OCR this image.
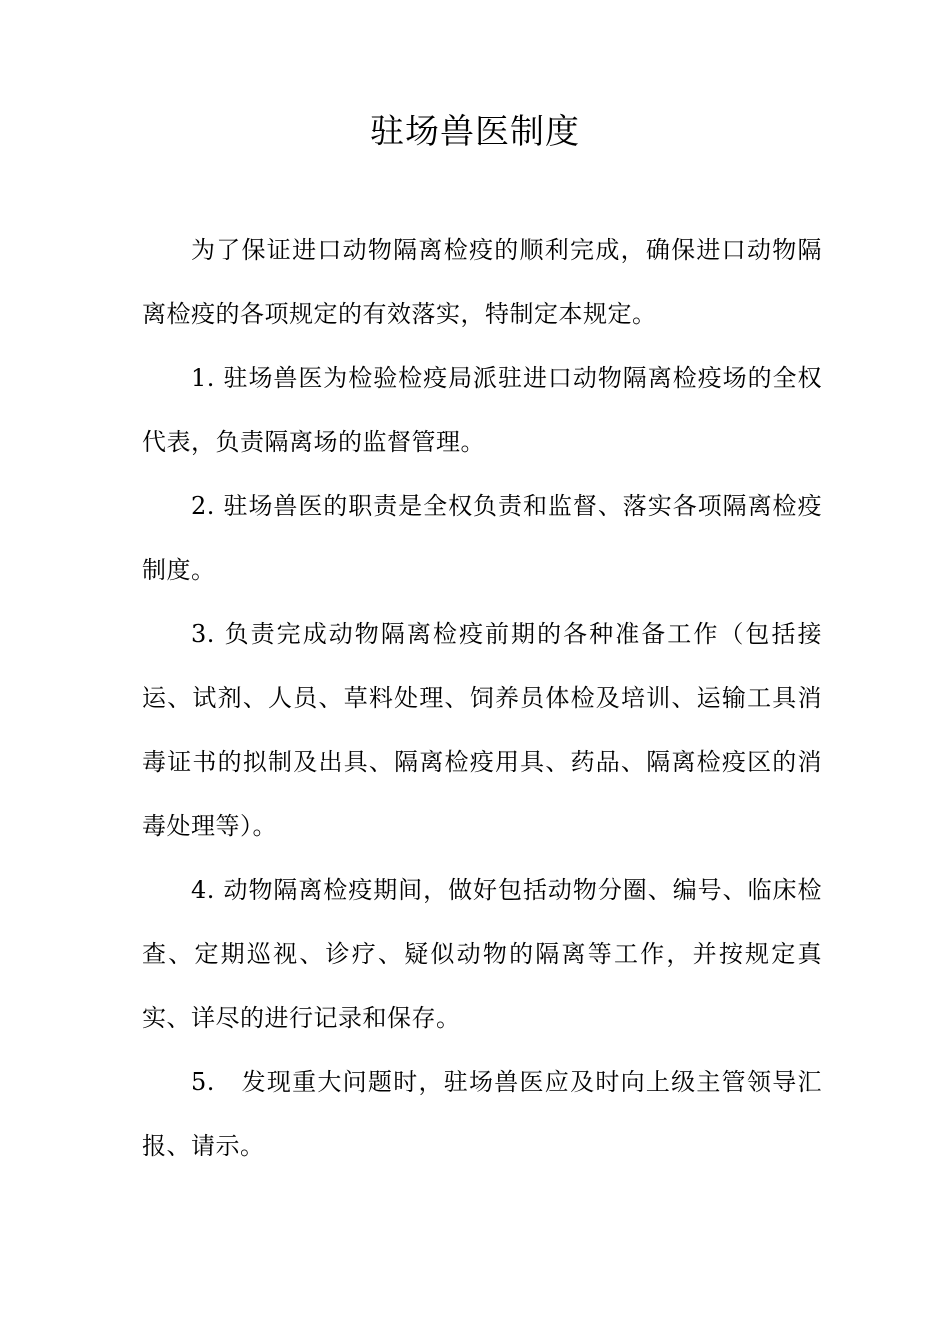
驻场兽医制度

为了保证进口动物隔离检疫的顺利完成，确保进口动物隔离检疫的各项规定的有效落实，特制定本规定。

1. 驻场兽医为检验检疫局派驻进口动物隔离检疫场的全权代表，负责隔离场的监督管理。

2. 驻场兽医的职责是全权负责和监督、落实各项隔离检疫制度。

3. 负责完成动物隔离检疫前期的各种准备工作（包括接运、试剂、人员、草料处理、饲养员体检及培训、运输工具消毒证书的拟制及出具、隔离检疫用具、药品、隔离检疫区的消毒处理等）。

4. 动物隔离检疫期间，做好包括动物分圈、编号、临床检查、定期巡视、诊疗、疑似动物的隔离等工作，并按规定真实、详尽的进行记录和保存。

5.   发现重大问题时，驻场兽医应及时向上级主管领导汇报、请示。
